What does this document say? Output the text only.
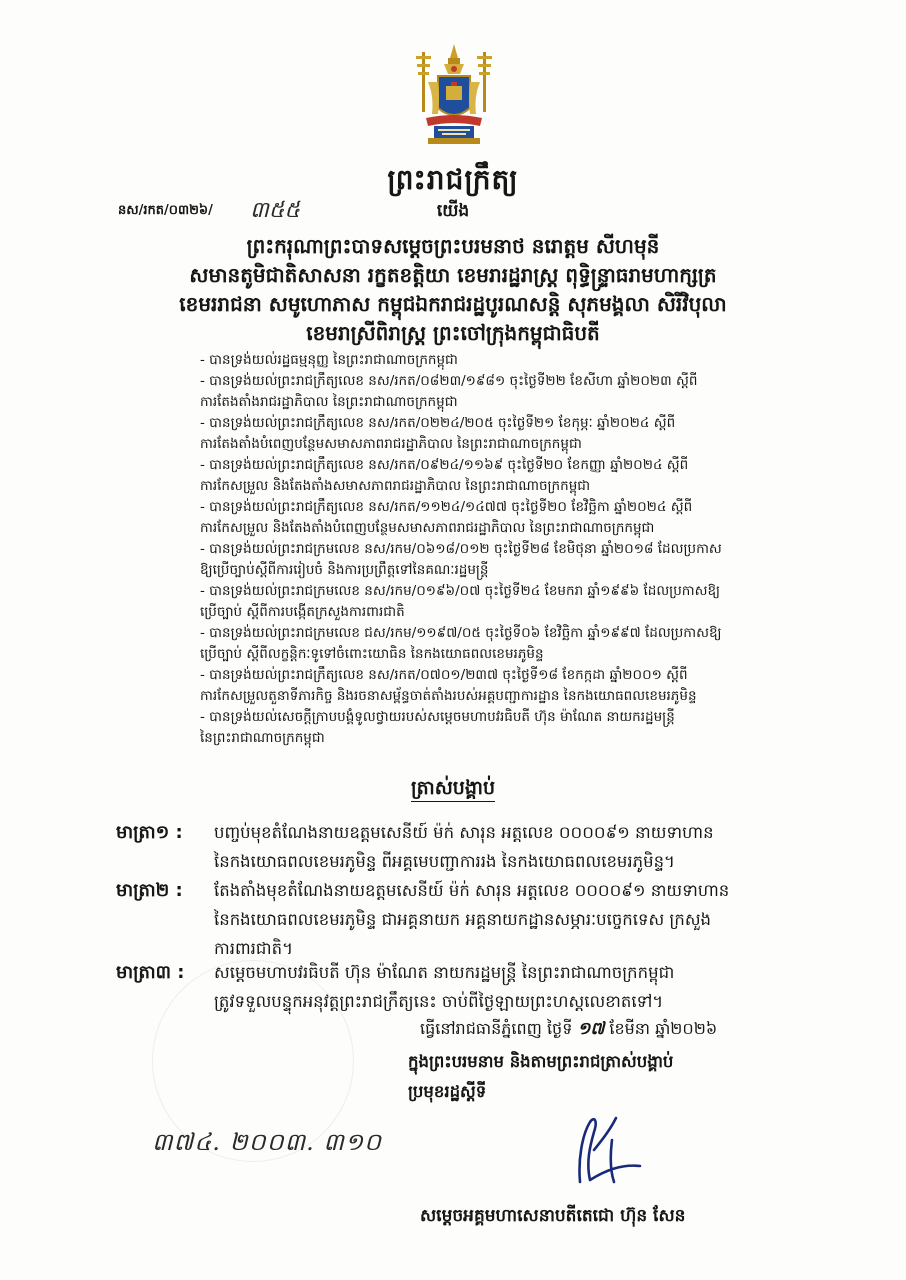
ព្រះរាជក្រឹត្យ
នស/រកត/០៣២៦/ ៣៥៥	យើង
ព្រះករុណាព្រះបាទសម្ដេចព្រះបរមនាថ នរោត្តម សីហមុនី
សមានតូមិជាតិសាសនា រក្ខតខត្តិយា ខេមរារដ្ឋរាស្ត្រ ពុទ្ធិន្ទ្រាធរាមហាក្សត្រ
ខេមររាជនា សមូហោភាស កម្ពុជឯករាជរដ្ឋបូរណសន្តិ សុភមង្គលា សិរីវិបុលា
ខេមរាស្រីពិរាស្ត្រ ព្រះចៅក្រុងកម្ពុជាធិបតី
- បានទ្រង់យល់រដ្ឋធម្មនុញ្ញ នៃព្រះរាជាណាចក្រកម្ពុជា
- បានទ្រង់យល់ព្រះរាជក្រឹត្យលេខ នស/រកត/០៨២៣/១៩៨១ ចុះថ្ងៃទី២២ ខែសីហា ឆ្នាំ២០២៣ ស្ដីពី
ការតែងតាំងរាជរដ្ឋាភិបាល នៃព្រះរាជាណាចក្រកម្ពុជា
- បានទ្រង់យល់ព្រះរាជក្រឹត្យលេខ នស/រកត/០២២៤/២០៥ ចុះថ្ងៃទី២១ ខែកុម្ភៈ ឆ្នាំ២០២៤ ស្ដីពី
ការតែងតាំងបំពេញបន្ថែមសមាសភាពរាជរដ្ឋាភិបាល នៃព្រះរាជាណាចក្រកម្ពុជា
- បានទ្រង់យល់ព្រះរាជក្រឹត្យលេខ នស/រកត/០៩២៤/១១៦៩ ចុះថ្ងៃទី២០ ខែកញ្ញា ឆ្នាំ២០២៤ ស្ដីពី
ការកែសម្រួល និងតែងតាំងសមាសភាពរាជរដ្ឋាភិបាល នៃព្រះរាជាណាចក្រកម្ពុជា
- បានទ្រង់យល់ព្រះរាជក្រឹត្យលេខ នស/រកត/១១២៤/១៤៧៧ ចុះថ្ងៃទី២០ ខែវិច្ឆិកា ឆ្នាំ២០២៤ ស្ដីពី
ការកែសម្រួល និងតែងតាំងបំពេញបន្ថែមសមាសភាពរាជរដ្ឋាភិបាល នៃព្រះរាជាណាចក្រកម្ពុជា
- បានទ្រង់យល់ព្រះរាជក្រមលេខ នស/រកម/០៦១៨/០១២ ចុះថ្ងៃទី២៨ ខែមិថុនា ឆ្នាំ២០១៨ ដែលប្រកាស
ឱ្យប្រើច្បាប់ស្ដីពីការរៀបចំ និងការប្រព្រឹត្តទៅនៃគណៈរដ្ឋមន្ត្រី
- បានទ្រង់យល់ព្រះរាជក្រមលេខ នស/រកម/០១៩៦/០៧ ចុះថ្ងៃទី២៤ ខែមករា ឆ្នាំ១៩៩៦ ដែលប្រកាសឱ្យ
ប្រើច្បាប់ ស្ដីពីការបង្កើតក្រសួងការពារជាតិ
- បានទ្រង់យល់ព្រះរាជក្រមលេខ ជស/រកម/១១៩៧/០៥ ចុះថ្ងៃទី០៦ ខែវិច្ឆិកា ឆ្នាំ១៩៩៧ ដែលប្រកាសឱ្យ
ប្រើច្បាប់ ស្ដីពីលក្ខន្តិកៈទូទៅចំពោះយោធិន នៃកងយោធពលខេមរភូមិន្ទ
- បានទ្រង់យល់ព្រះរាជក្រឹត្យលេខ នស/រកត/០៧០១/២៣៧ ចុះថ្ងៃទី១៨ ខែកក្កដា ឆ្នាំ២០០១ ស្ដីពី
ការកែសម្រួលតួនាទីភារកិច្ច និងរចនាសម្ព័ន្ធចាត់តាំងរបស់អគ្គបញ្ជាការដ្ឋាន នៃកងយោធពលខេមរភូមិន្ទ
- បានទ្រង់យល់សេចក្ដីក្រាបបង្គំទូលថ្វាយរបស់សម្ដេចមហាបវរធិបតី ហ៊ុន ម៉ាណែត នាយករដ្ឋមន្ត្រី
នៃព្រះរាជាណាចក្រកម្ពុជា
ត្រាស់បង្គាប់
មាត្រា១ : បញ្ចប់មុខតំណែងនាយឧត្តមសេនីយ៍ ម៉ក់ សារុន អត្តលេខ ០០០០៩១ នាយទាហាន
នៃកងយោធពលខេមរភូមិន្ទ ពីអគ្គមេបញ្ជាការរង នៃកងយោធពលខេមរភូមិន្ទ។
មាត្រា២ : តែងតាំងមុខតំណែងនាយឧត្តមសេនីយ៍ ម៉ក់ សារុន អត្តលេខ ០០០០៩១ នាយទាហាន
នៃកងយោធពលខេមរភូមិន្ទ ជាអគ្គនាយក អគ្គនាយកដ្ឋានសម្ភារៈបច្ចេកទេស ក្រសួង
ការពារជាតិ។
មាត្រា៣ : សម្ដេចមហាបវរធិបតី ហ៊ុន ម៉ាណែត នាយករដ្ឋមន្ត្រី នៃព្រះរាជាណាចក្រកម្ពុជា
ត្រូវទទួលបន្ទុកអនុវត្តព្រះរាជក្រឹត្យនេះ ចាប់ពីថ្ងៃឡាយព្រះហស្តលេខាតទៅ។
ធ្វើនៅរាជធានីភ្នំពេញ ថ្ងៃទី ១៧ ខែមីនា ឆ្នាំ២០២៦
ក្នុងព្រះបរមនាម និងតាមព្រះរាជត្រាស់បង្គាប់
ប្រមុខរដ្ឋស្ដីទី
៣៧៤. ២០០៣. ៣១០
សម្ដេចអគ្គមហាសេនាបតីតេជោ ហ៊ុន សែន
